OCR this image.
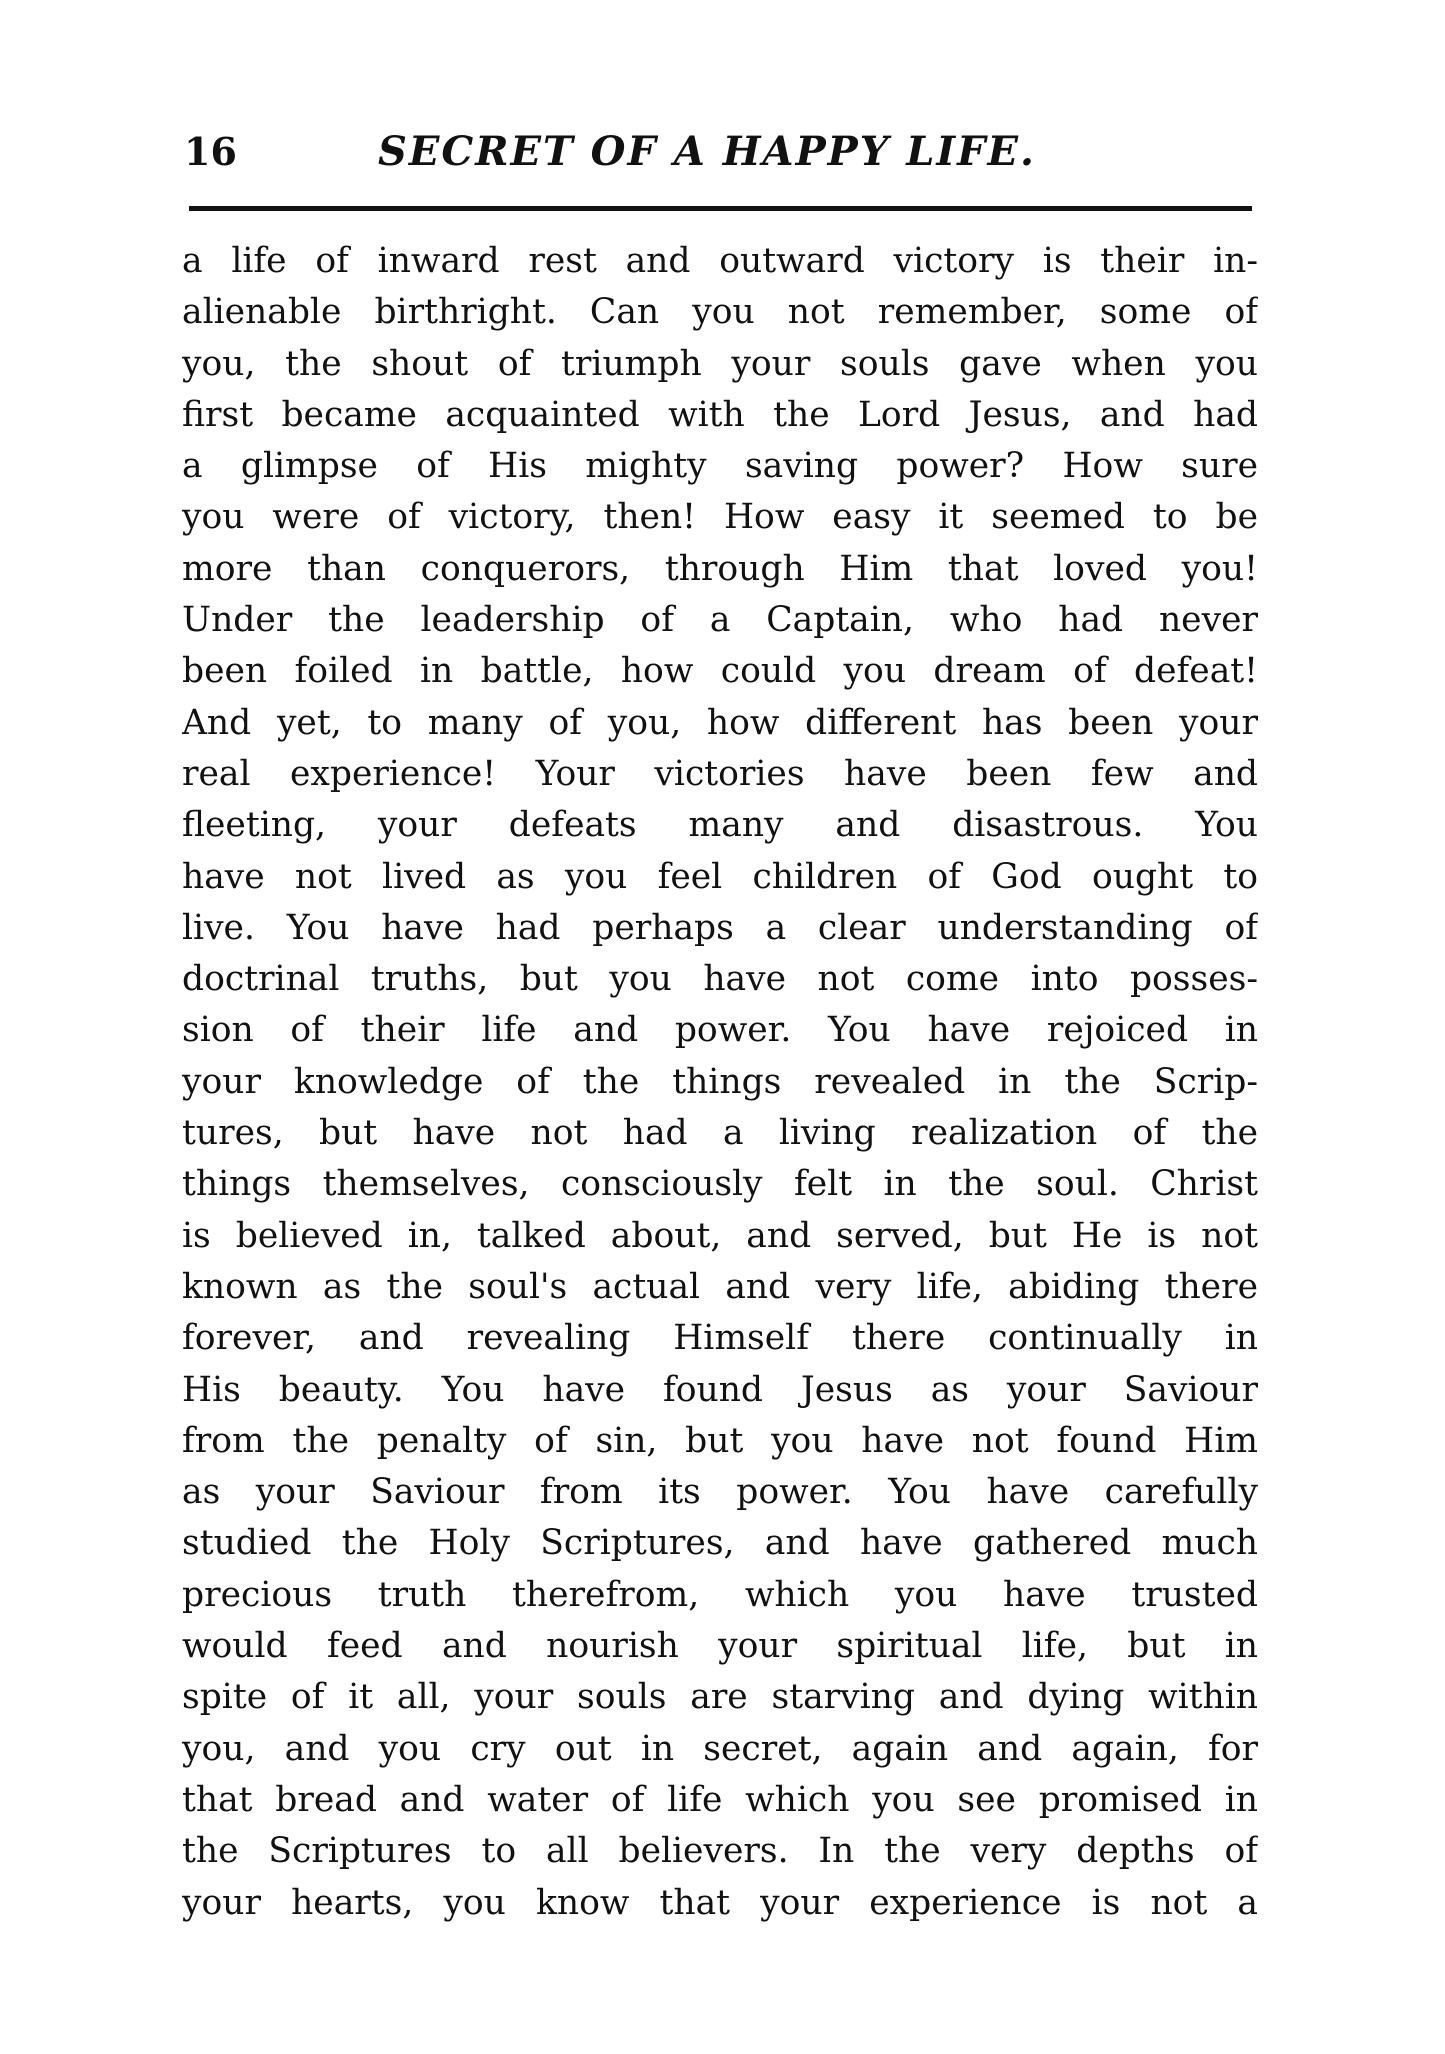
16	SECRET OF A HAPPY LIFE.
a life of inward rest and outward victory is their in-
alienable birthright. Can you not remember, some of
you, the shout of triumph your souls gave when you
first became acquainted with the Lord Jesus, and had
a glimpse of His mighty saving power? How sure
you were of victory, then! How easy it seemed to be
more than conquerors, through Him that loved you!
Under the leadership of a Captain, who had never
been foiled in battle, how could you dream of defeat!
And yet, to many of you, how different has been your
real experience! Your victories have been few and
fleeting, your defeats many and disastrous. You
have not lived as you feel children of God ought to
live. You have had perhaps a clear understanding of
doctrinal truths, but you have not come into posses-
sion of their life and power. You have rejoiced in
your knowledge of the things revealed in the Scrip-
tures, but have not had a living realization of the
things themselves, consciously felt in the soul. Christ
is believed in, talked about, and served, but He is not
known as the soul's actual and very life, abiding there
forever, and revealing Himself there continually in
His beauty. You have found Jesus as your Saviour
from the penalty of sin, but you have not found Him
as your Saviour from its power. You have carefully
studied the Holy Scriptures, and have gathered much
precious truth therefrom, which you have trusted
would feed and nourish your spiritual life, but in
spite of it all, your souls are starving and dying within
you, and you cry out in secret, again and again, for
that bread and water of life which you see promised in
the Scriptures to all believers. In the very depths of
your hearts, you know that your experience is not a
